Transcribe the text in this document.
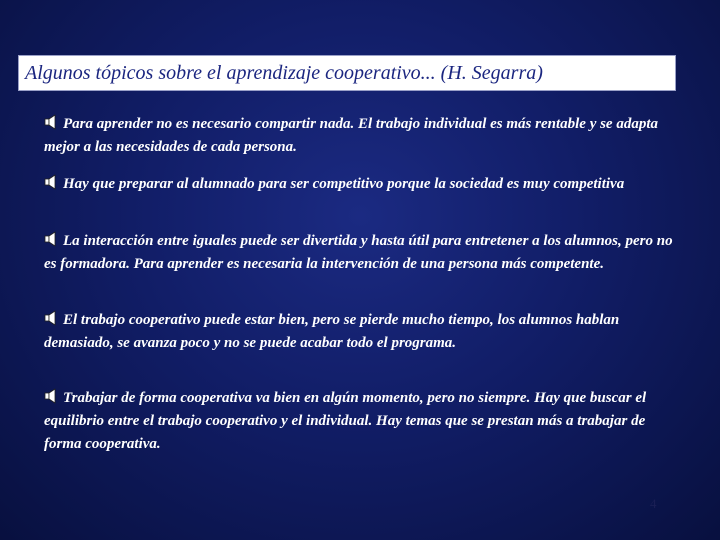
Algunos tópicos sobre el aprendizaje cooperativo... (H. Segarra)
Para aprender no es necesario compartir nada. El trabajo individual es más rentable y se adapta mejor a las necesidades de cada persona.
Hay que preparar al alumnado para ser competitivo porque la sociedad es muy competitiva
La interacción entre iguales puede ser divertida y hasta útil para entretener a los alumnos, pero no es formadora. Para aprender es necesaria la intervención de una persona más competente.
El trabajo cooperativo puede estar bien, pero se pierde mucho tiempo, los alumnos hablan demasiado, se avanza poco y no se puede acabar todo el programa.
Trabajar de forma cooperativa va bien en algún momento, pero no siempre. Hay que buscar el equilibrio entre el trabajo cooperativo y el individual. Hay temas que se prestan más a trabajar de forma cooperativa.
4
